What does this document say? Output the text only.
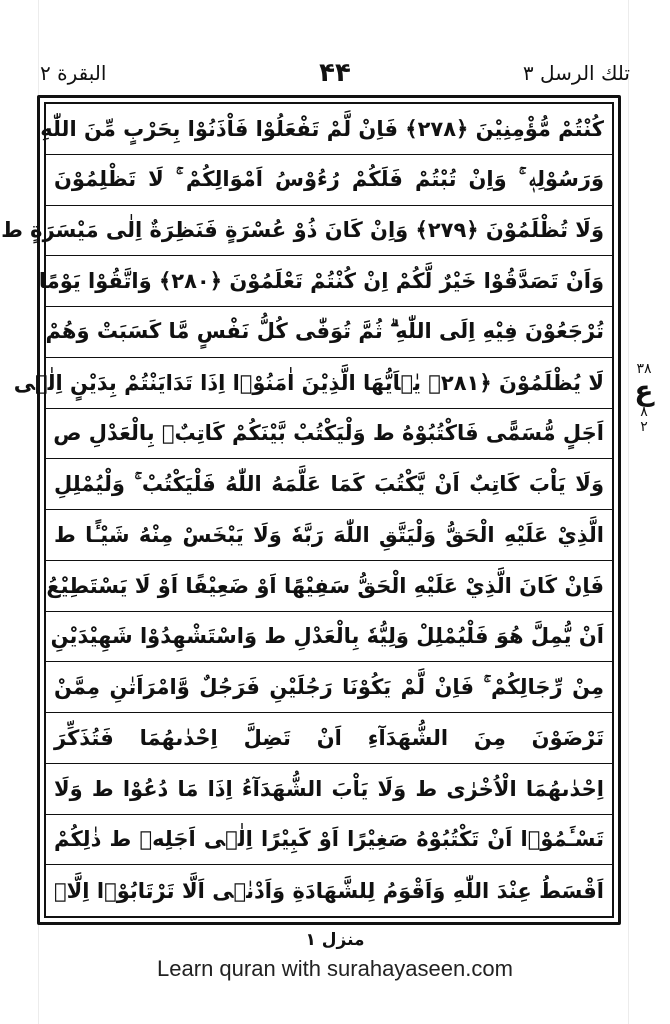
تلك الرسل ۳
۴۴
البقرة ۲
كُنْتُمْ مُّؤْمِنِيْنَ ﴿۲۷۸﴾ فَاِنْ لَّمْ تَفْعَلُوْا فَاْذَنُوْا بِحَرْبٍ مِّنَ اللّٰهِ
وَرَسُوْلِهٖ ۚ وَاِنْ تُبْتُمْ فَلَكُمْ رُءُوْسُ اَمْوَالِكُمْ ۚ لَا تَظْلِمُوْنَ
وَلَا تُظْلَمُوْنَ ﴿۲۷۹﴾ وَاِنْ كَانَ ذُوْ عُسْرَةٍ فَنَظِرَةٌ اِلٰى مَيْسَرَةٍ ط
وَاَنْ تَصَدَّقُوْا خَيْرٌ لَّكُمْ اِنْ كُنْتُمْ تَعْلَمُوْنَ ﴿۲۸۰﴾ وَاتَّقُوْا يَوْمًا
تُرْجَعُوْنَ فِيْهِ اِلَى اللّٰهِ ۗ ثُمَّ تُوَفّٰى كُلُّ نَفْسٍ مَّا كَسَبَتْ وَهُمْ
لَا يُظْلَمُوْنَ ﴿۲۸۱﴾ يٰۤاَيُّهَا الَّذِيْنَ اٰمَنُوْۤا اِذَا تَدَايَنْتُمْ بِدَيْنٍ اِلٰۤى
اَجَلٍ مُّسَمًّى فَاكْتُبُوْهُ ط وَلْيَكْتُبْ بَّيْنَكُمْ كَاتِبٌۢ بِالْعَدْلِ ص
وَلَا يَاْبَ كَاتِبٌ اَنْ يَّكْتُبَ كَمَا عَلَّمَهُ اللّٰهُ فَلْيَكْتُبْ ۚ وَلْيُمْلِلِ
الَّذِيْ عَلَيْهِ الْحَقُّ وَلْيَتَّقِ اللّٰهَ رَبَّهٗ وَلَا يَبْخَسْ مِنْهُ شَيْـًٔا ط
فَاِنْ كَانَ الَّذِيْ عَلَيْهِ الْحَقُّ سَفِيْهًا اَوْ ضَعِيْفًا اَوْ لَا يَسْتَطِيْعُ
اَنْ يُّمِلَّ هُوَ فَلْيُمْلِلْ وَلِيُّهٗ بِالْعَدْلِ ط وَاسْتَشْهِدُوْا شَهِيْدَيْنِ
مِنْ رِّجَالِكُمْ ۚ فَاِنْ لَّمْ يَكُوْنَا رَجُلَيْنِ فَرَجُلٌ وَّامْرَاَتٰنِ مِمَّنْ
تَرْضَوْنَ مِنَ الشُّهَدَآءِ اَنْ تَضِلَّ اِحْدٰىهُمَا فَتُذَكِّرَ
اِحْدٰىهُمَا الْاُخْرٰى ط وَلَا يَاْبَ الشُّهَدَآءُ اِذَا مَا دُعُوْا ط وَلَا
تَسْـَٔمُوْۤا اَنْ تَكْتُبُوْهُ صَغِيْرًا اَوْ كَبِيْرًا اِلٰۤى اَجَلِهٖ ط ذٰلِكُمْ
اَقْسَطُ عِنْدَ اللّٰهِ وَاَقْوَمُ لِلشَّهَادَةِ وَاَدْنٰۤى اَلَّا تَرْتَابُوْۤا اِلَّاۤ
۳۸
ع
۸
۲
منزل ۱
Learn quran with surahayaseen.com
